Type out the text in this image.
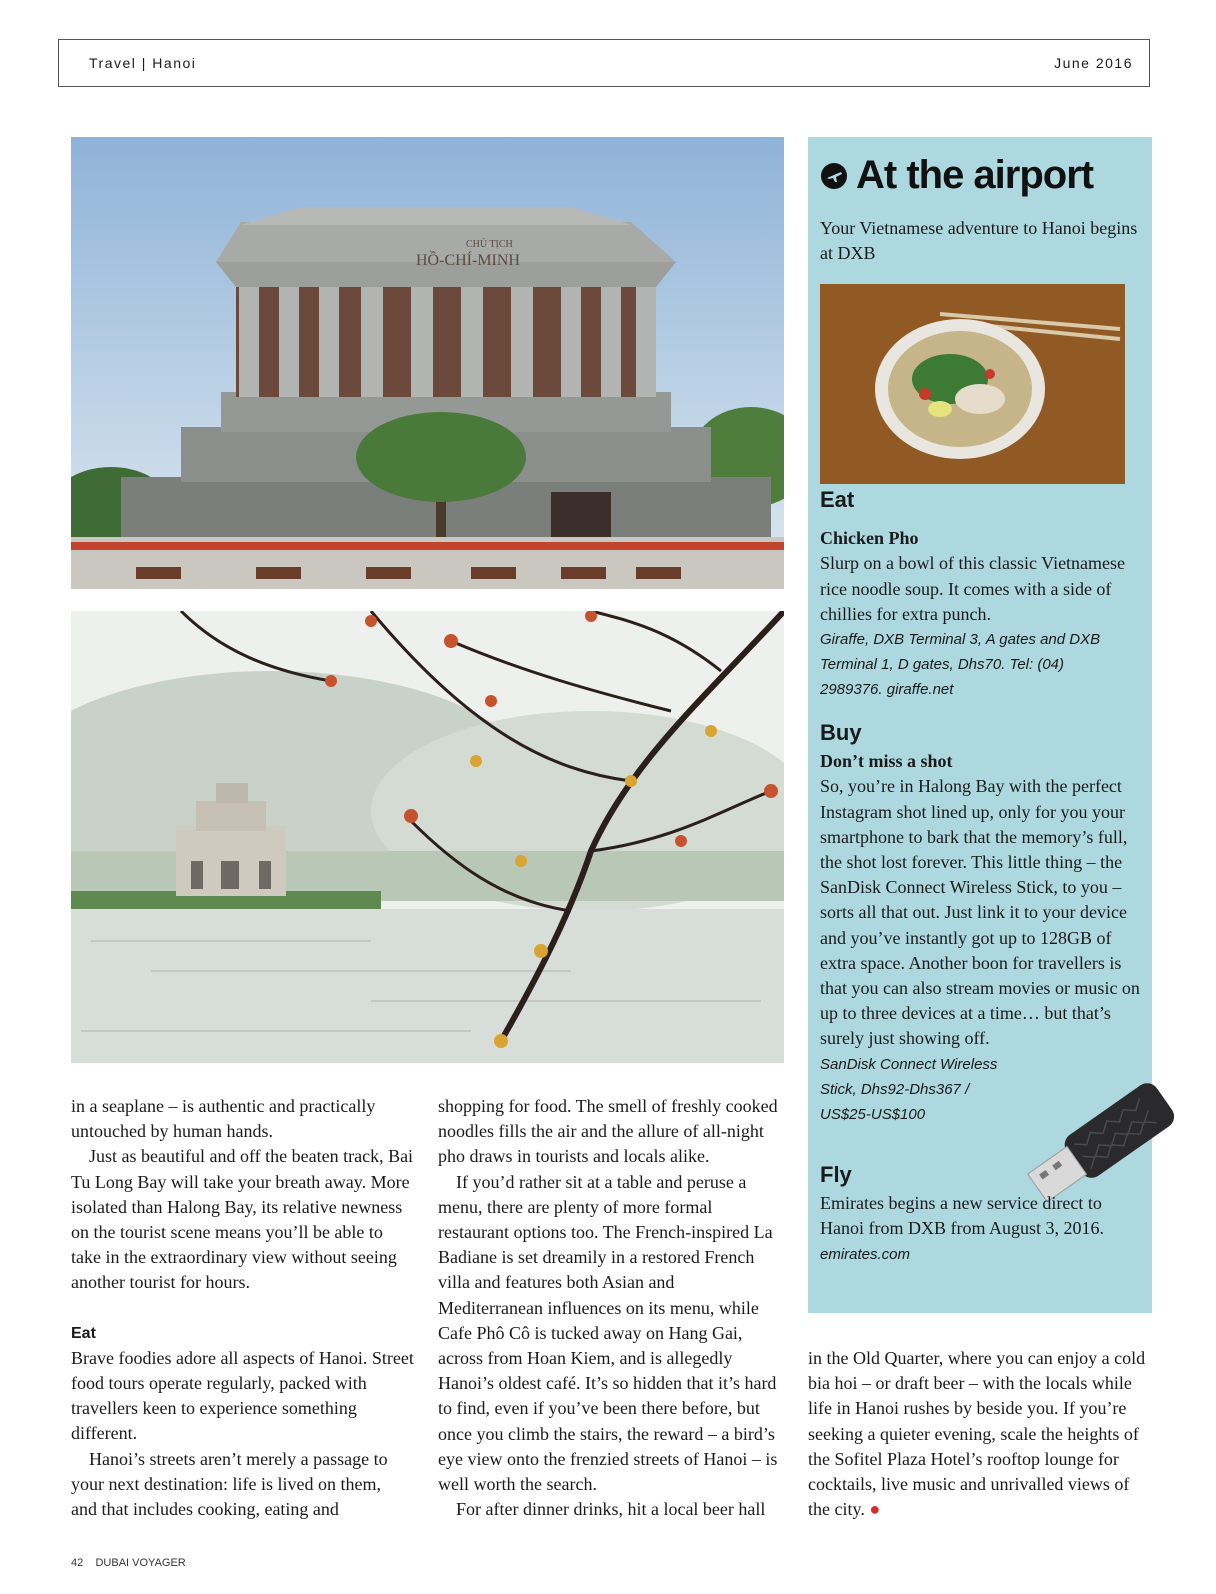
Travel | Hanoi	June 2016
CHỦ TỊCH
HỒ-CHÍ-MINH
At the airport
Your Vietnamese adventure to Hanoi begins at DXB
Eat
Chicken Pho
Slurp on a bowl of this classic Vietnamese rice noodle soup. It comes with a side of chillies for extra punch.
Giraffe, DXB Terminal 3, A gates and DXB Terminal 1, D gates, Dhs70. Tel: (04) 2989376. giraffe.net
Buy
Don’t miss a shot
So, you’re in Halong Bay with the perfect Instagram shot lined up, only for you your smartphone to bark that the memory’s full, the shot lost forever. This little thing – the SanDisk Connect Wireless Stick, to you – sorts all that out. Just link it to your device and you’ve instantly got up to 128GB of extra space. Another boon for travellers is that you can also stream movies or music on up to three devices at a time… but that’s surely just showing off.
SanDisk Connect Wireless Stick, Dhs92-Dhs367 / US$25-US$100
Fly
Emirates begins a new service direct to Hanoi from DXB from August 3, 2016.
emirates.com

in a seaplane – is authentic and practically untouched by human hands.

Just as beautiful and off the beaten track, Bai Tu Long Bay will take your breath away. More isolated than Halong Bay, its relative newness on the tourist scene means you’ll be able to take in the extraordinary view without seeing another tourist for hours.

Eat

Brave foodies adore all aspects of Hanoi. Street food tours operate regularly, packed with travellers keen to experience something different.

Hanoi’s streets aren’t merely a passage to your next destination: life is lived on them, and that includes cooking, eating and

shopping for food. The smell of freshly cooked noodles fills the air and the allure of all-night pho draws in tourists and locals alike.

If you’d rather sit at a table and peruse a menu, there are plenty of more formal restaurant options too. The French-inspired La Badiane is set dreamily in a restored French villa and features both Asian and Mediterranean influences on its menu, while Cafe Phô Cô is tucked away on Hang Gai, across from Hoan Kiem, and is allegedly Hanoi’s oldest café. It’s so hidden that it’s hard to find, even if you’ve been there before, but once you climb the stairs, the reward – a bird’s eye view onto the frenzied streets of Hanoi – is well worth the search.

For after dinner drinks, hit a local beer hall

in the Old Quarter, where you can enjoy a cold bia hoi – or draft beer – with the locals while life in Hanoi rushes by beside you. If you’re seeking a quieter evening, scale the heights of the Sofitel Plaza Hotel’s rooftop lounge for cocktails, live music and unrivalled views of the city. ●

42 DUBAI VOYAGER
